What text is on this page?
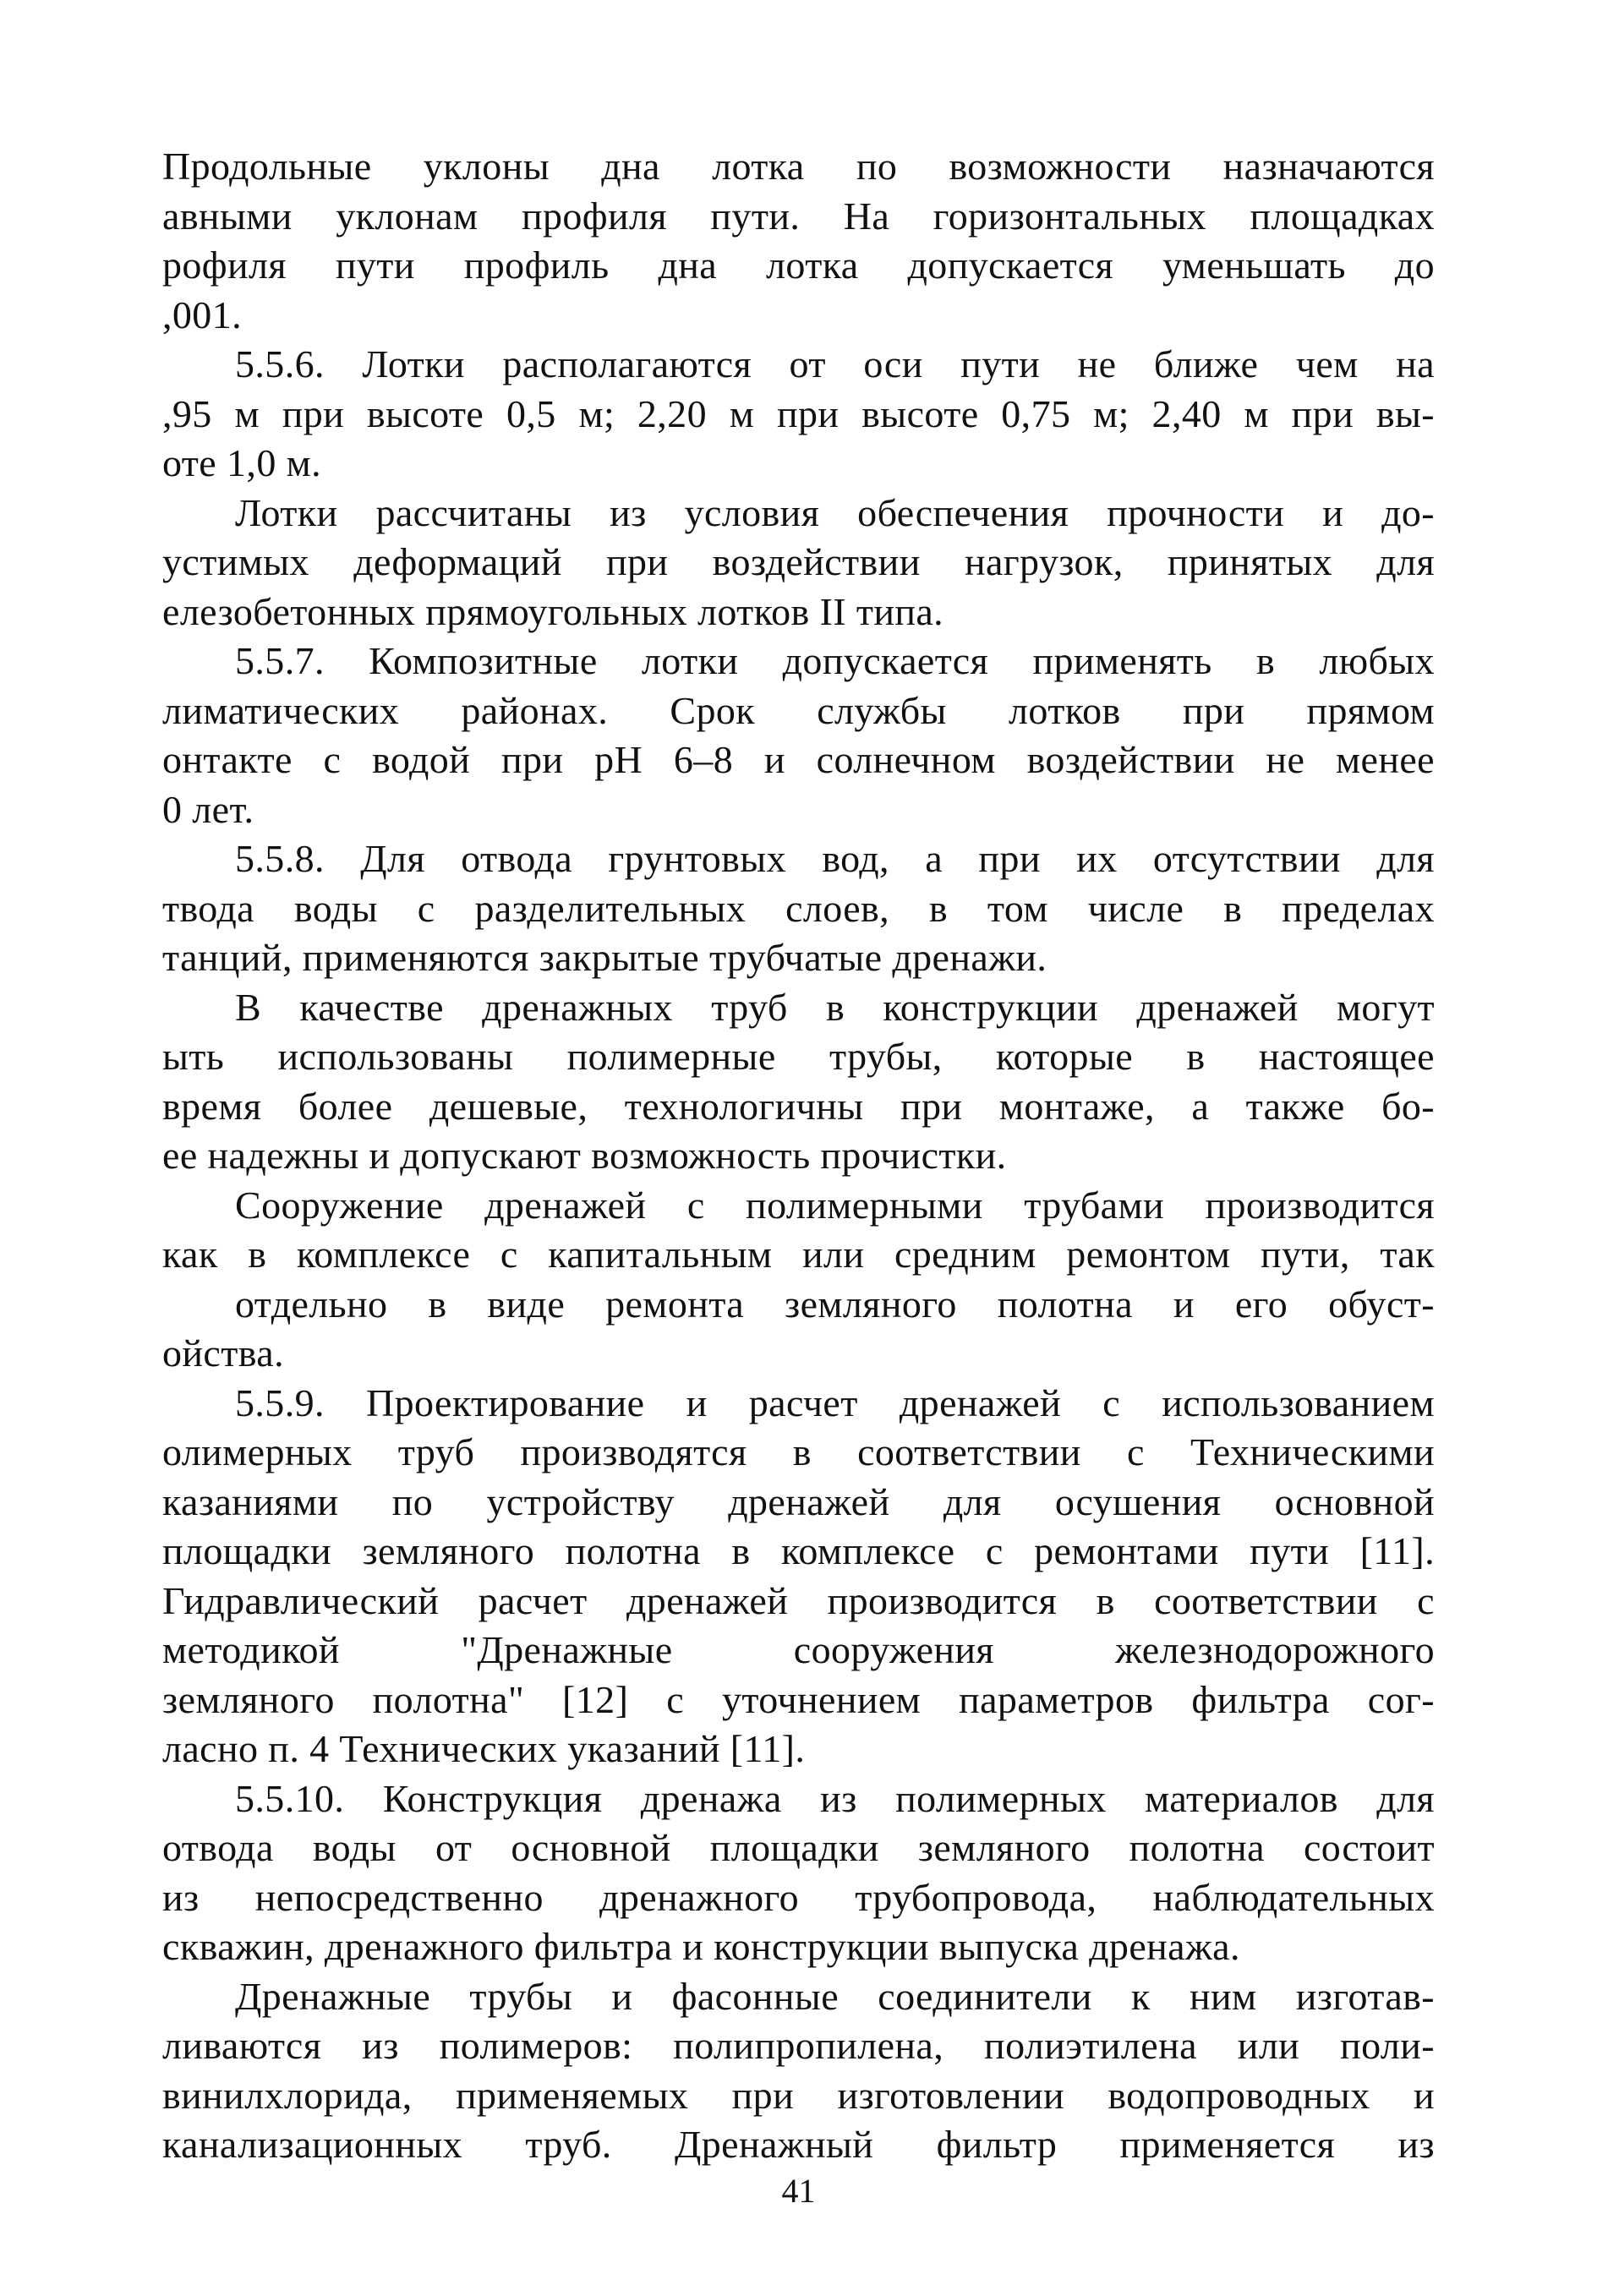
Продольные уклоны дна лотка по возможности назначаются
авными уклонам профиля пути. На горизонтальных площадках
рофиля пути профиль дна лотка допускается уменьшать до
,001.
5.5.6. Лотки располагаются от оси пути не ближе чем на
,95 м при высоте 0,5 м; 2,20 м при высоте 0,75 м; 2,40 м при вы-
оте 1,0 м.
Лотки рассчитаны из условия обеспечения прочности и до-
устимых деформаций при воздействии нагрузок, принятых для
елезобетонных прямоугольных лотков II типа.
5.5.7. Композитные лотки допускается применять в любых
лиматических районах. Срок службы лотков при прямом
онтакте с водой при pH 6–8 и солнечном воздействии не менее
0 лет.
5.5.8. Для отвода грунтовых вод, а при их отсутствии для
твода воды с разделительных слоев, в том числе в пределах
танций, применяются закрытые трубчатые дренажи.
В качестве дренажных труб в конструкции дренажей могут
ыть использованы полимерные трубы, которые в настоящее
время более дешевые, технологичны при монтаже, а также бо-
ее надежны и допускают возможность прочистки.
Сооружение дренажей с полимерными трубами производится
как в комплексе с капитальным или средним ремонтом пути, так
отдельно в виде ремонта земляного полотна и его обуст-
ойства.
5.5.9. Проектирование и расчет дренажей с использованием
олимерных труб производятся в соответствии с Техническими
казаниями по устройству дренажей для осушения основной
площадки земляного полотна в комплексе с ремонтами пути [11].
Гидравлический расчет дренажей производится в соответствии с
методикой "Дренажные сооружения железнодорожного
земляного полотна" [12] с уточнением параметров фильтра сог-
ласно п. 4 Технических указаний [11].
5.5.10. Конструкция дренажа из полимерных материалов для
отвода воды от основной площадки земляного полотна состоит
из непосредственно дренажного трубопровода, наблюдательных
скважин, дренажного фильтра и конструкции выпуска дренажа.
Дренажные трубы и фасонные соединители к ним изготав-
ливаются из полимеров: полипропилена, полиэтилена или поли-
винилхлорида, применяемых при изготовлении водопроводных и
канализационных труб. Дренажный фильтр применяется из
41
